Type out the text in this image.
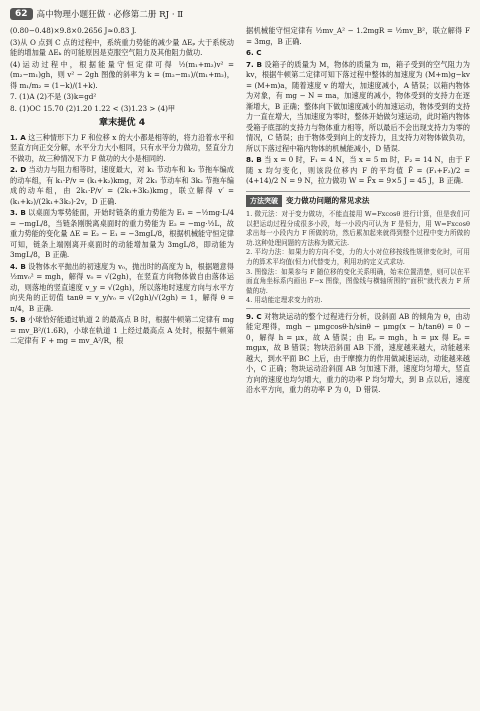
62	高中物理小题狂做 · 必修第二册 RJ · Ⅱ

(0.80−0.48)×9.8×0.2656 J≈0.83 J.

(3)从 O 点到 C 点的过程中，系统重力势能的减少量 ΔEₚ 大于系统动能的增加量 ΔEₖ 的可能原因是克服空气阻力及其他阻力做功.

(4)运动过程中，根据能量守恒定律可得 ½(m₁+m₂)v² = (m₂−m₁)gh，则 v² − 2gh 图像的斜率为 k = (m₂−m₁)/(m₁+m₂)，得 m₁/m₂ = (1−k)/(1+k).

7. (1)A (2)不是 (3)k=gd²

8. (1)OC 15.70 (2)1.20 1.22 < (3)1.23 > (4)甲

章末提优 4

1. A 这三种情形下力 F 和位移 x 的大小都是相等的，将力沿着水平和竖直方向正交分解，水平分力大小相同，只有水平分力做功，竖直分力不做功，故三种情况下力 F 做功的大小是相同的.

2. D 当动力与阻力相等时，速度最大，对 k₁ 节动车和 k₂ 节拖车编成的动车组，有 k₁·P/v = (k₁+k₂)kmg，对 2k₁ 节动车和 3k₂ 节拖车编成的动车组，由 2k₁·P/v′ = (2k₁+3k₂)kmg，联立解得 v′ = (k₁+k₂)/(2k₁+3k₂)·2v，D 正确.

3. B 以桌面为零势能面，开始时链条的重力势能为 E₁ = −½mg·L/4 = −mgL/8，当链条刚脱离桌面时的重力势能为 E₂ = −mg·½L，故重力势能的变化量 ΔE = E₂ − E₁ = −3mgL/8，根据机械能守恒定律可知，链条上端刚离开桌面时的动能增加量为 3mgL/8，即动能为 3mgL/8，B 正确.

4. B 设物体水平抛出的初速度为 v₀，抛出时的高度为 h，根据题意得 ½mv₀² = mgh，解得 v₀ = √(2gh)，在竖直方向物体做自由落体运动，则落地的竖直速度 v_y = √(2gh)，所以落地时速度方向与水平方向夹角的正切值 tanθ = v_y/v₀ = √(2gh)/√(2gh) = 1，解得 θ = π/4，B 正确.

5. B 小球恰好能通过轨道 2 的最高点 B 时，根据牛顿第二定律有 mg = mv_B²/(1.6R)，小球在轨道 1 上经过最高点 A 处时，根据牛顿第二定律有 F + mg = mv_A²/R，根

据机械能守恒定律有 ½mv_A² − 1.2mgR = ½mv_B²，联立解得 F = 3mg，B 正确.

6. C

7. B 设箱子的质量为 M，物体的质量为 m，箱子受到的空气阻力为 kv，根据牛顿第二定律可知下落过程中整体的加速度为 (M+m)g−kv = (M+m)a，随着速度 v 的增大，加速度减小，A 错误；以箱内物体为对象，有 mg − N = ma，加速度的减小，物体受到的支持力在逐渐增大，B 正确；整体向下做加速度减小的加速运动，物体受到的支持力一直在增大，当加速度为零时，整体开始做匀速运动，此时箱内物体受箱子底部的支持力与物体重力相等，所以最后不会出现支持力为零的情况，C 错误；由于物体受到向上的支持力，且支持力对物体做负功，所以下落过程中箱内物体的机械能减小，D 错误.

8. B 当 x = 0 时，F₁ = 4 N，当 x = 5 m 时，F₂ = 14 N，由于 F 随 x 均匀变化，则该段位移内 F 的平均值 F̄ = (F₁+F₂)/2 = (4+14)/2 N = 9 N，拉力做功 W = F̄x = 9×5 J = 45 J，B 正确.

方法突破	变力做功问题的常见求法

1. 微元法：对于变力做功，不能直接用 W=Fxcosθ 进行计算，但是我们可以把运动过程分成很多小段，每一小段内可认为 F 是恒力，用 W=Fxcosθ 求出每一小段内力 F 所做的功，然后累加起来就得到整个过程中变力所做的功.这种处理问题的方法称为微元法.

2. 平均力法：如果力的方向不变，力的大小对位移按线性规律变化时，可用力的算术平均值(恒力)代替变力，利用功的定义式求功.

3. 图像法：如果参与 F 随位移的变化关系明确，始末位置清楚，则可以在平面直角坐标系内画出 F−x 图像，图像线与横轴所围的"面积"就代表力 F 所做的功.

4. 用动能定理求变力的功.

9. C 对物块运动的整个过程进行分析，设斜面 AB 的倾角为 θ，由动能定理得，mgh − μmgcosθ·h/sinθ − μmg(x − h/tanθ) = 0 − 0，解得 h = μx，故 A 错误；由 Eₚ = mgh，h = μx 得 Eₚ = mgμx，故 B 错误；物块沿斜面 AB 下滑，速度越来越大，动能越来越大，到水平面 BC 上后，由于摩擦力的作用做减速运动，动能越来越小，C 正确；物块运动沿斜面 AB 匀加速下滑，速度均匀增大，竖直方向的速度也均匀增大，重力的功率 P 均匀增大，到 B 点以后，速度沿水平方向，重力的功率 P 为 0，D 错误.
